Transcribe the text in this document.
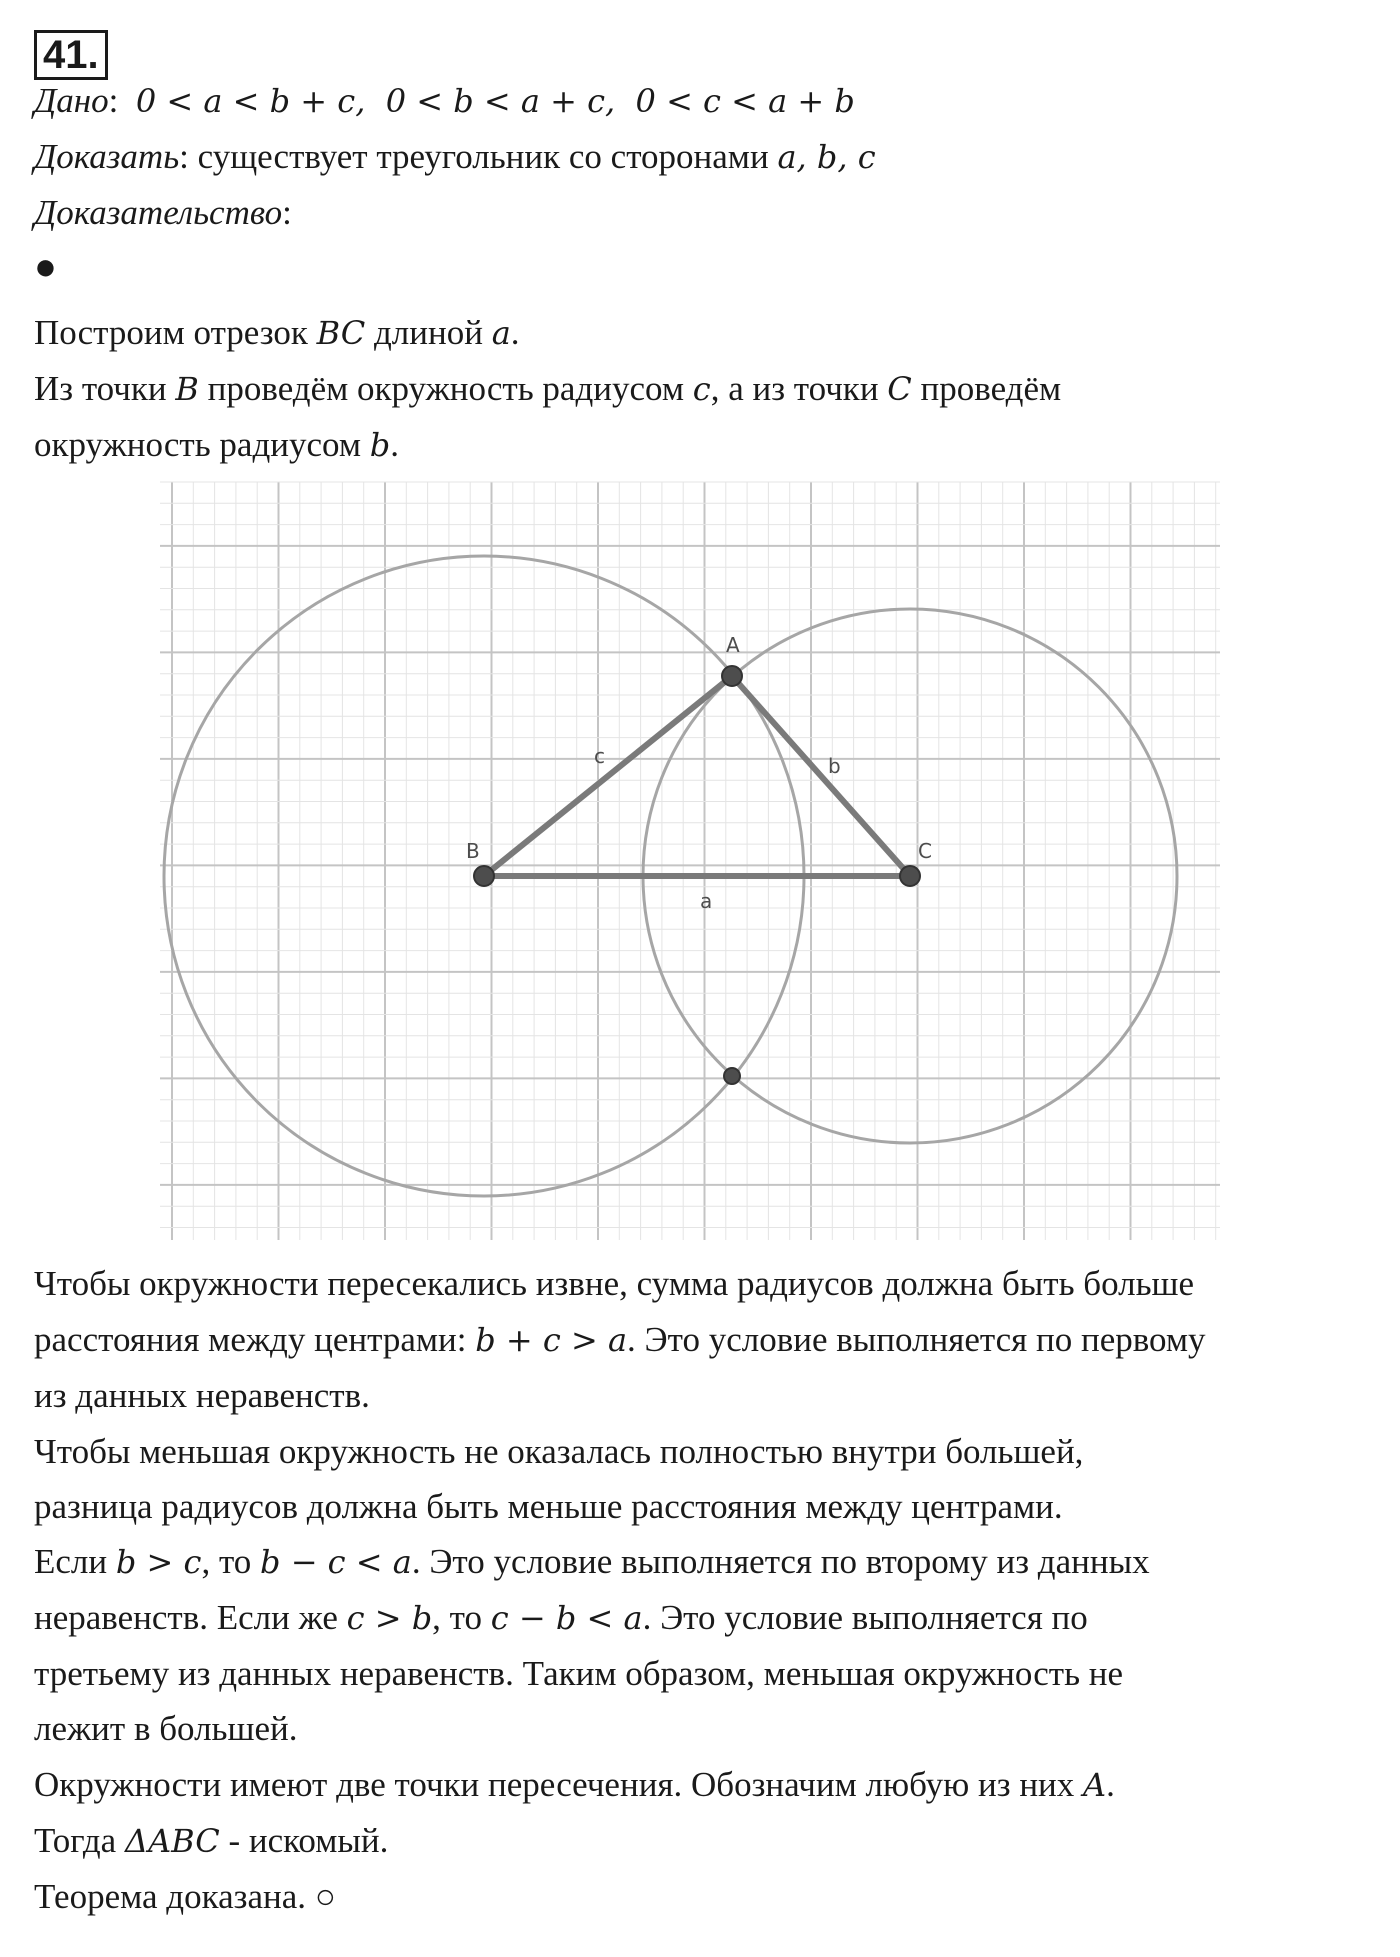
41.
Дано: 0 < a < b + c,  0 < b < a + c,  0 < c < a + b
Доказать: существует треугольник со сторонами a, b, c
Доказательство:
●
Построим отрезок BC длиной a.
Из точки B проведём окружность радиусом c, а из точки C проведём
окружность радиусом b.
A
B	C
a
b
c
Чтобы окружности пересекались извне, сумма радиусов должна быть больше
расстояния между центрами: b + c > a. Это условие выполняется по первому
из данных неравенств.
Чтобы меньшая окружность не оказалась полностью внутри большей,
разница радиусов должна быть меньше расстояния между центрами.
Если b > c, то b − c < a. Это условие выполняется по второму из данных
неравенств. Если же c > b, то c − b < a. Это условие выполняется по
третьему из данных неравенств. Таким образом, меньшая окружность не
лежит в большей.
Окружности имеют две точки пересечения. Обозначим любую из них A.
Тогда ΔABC - искомый.
Теорема доказана. ○
